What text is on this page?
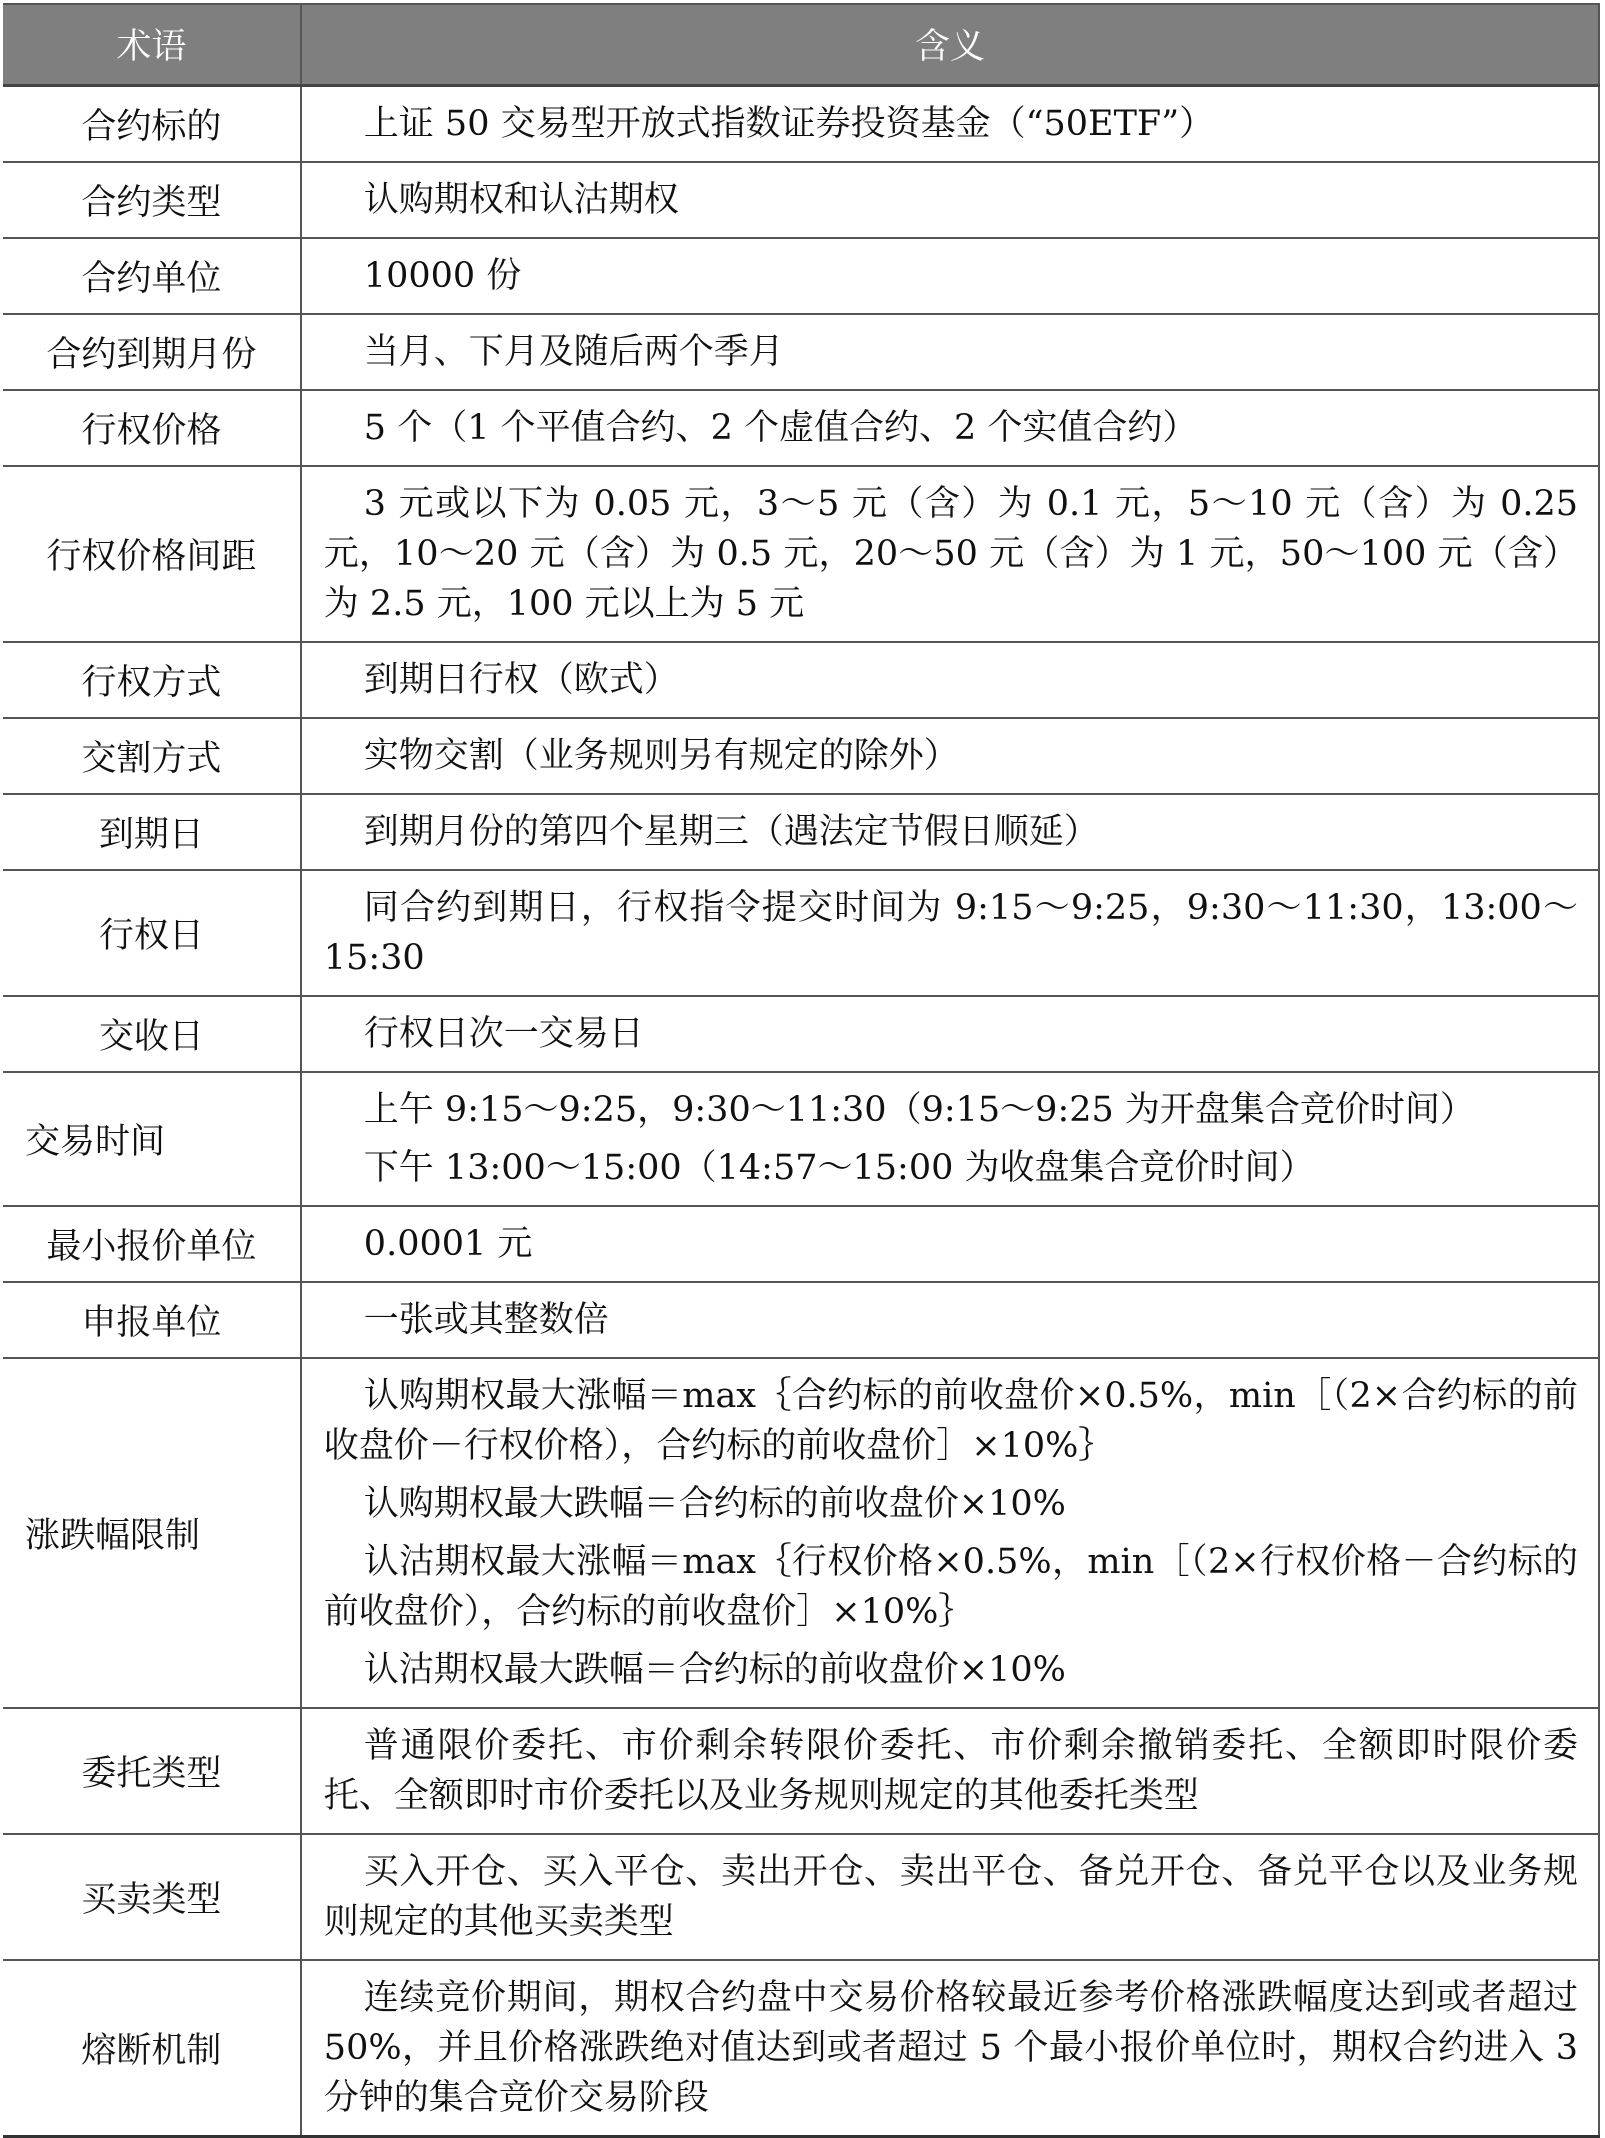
术语	含义
合约标的	上证 50 交易型开放式指数证券投资基金（“50ETF”）

合约类型	认购期权和认沽期权

合约单位	10000 份

合约到期月份	当月、下月及随后两个季月

行权价格	5 个（1 个平值合约、2 个虚值合约、2 个实值合约）

行权价格间距	3 元或以下为 0.05 元，3～5 元（含）为 0.1 元，5～10 元（含）为 0.25 元，10～20 元（含）为 0.5 元，20～50 元（含）为 1 元，50～100 元（含）为 2.5 元，100 元以上为 5 元

行权方式	到期日行权（欧式）

交割方式	实物交割（业务规则另有规定的除外）

到期日	到期月份的第四个星期三（遇法定节假日顺延）

行权日	同合约到期日，行权指令提交时间为 9:15～9:25，9:30～11:30，13:00～15:30

交收日	行权日次一交易日

交易时间	上午 9:15～9:25，9:30～11:30（9:15～9:25 为开盘集合竞价时间）
下午 13:00～15:00（14:57～15:00 为收盘集合竞价时间）

最小报价单位	0.0001 元

申报单位	一张或其整数倍

涨跌幅限制	认购期权最大涨幅＝max｛合约标的前收盘价×0.5%，min［（2×合约标的前收盘价－行权价格），合约标的前收盘价］×10%｝
认购期权最大跌幅＝合约标的前收盘价×10%
认沽期权最大涨幅＝max｛行权价格×0.5%，min［（2×行权价格－合约标的前收盘价），合约标的前收盘价］×10%｝
认沽期权最大跌幅＝合约标的前收盘价×10%

委托类型	普通限价委托、市价剩余转限价委托、市价剩余撤销委托、全额即时限价委托、全额即时市价委托以及业务规则规定的其他委托类型

买卖类型	买入开仓、买入平仓、卖出开仓、卖出平仓、备兑开仓、备兑平仓以及业务规则规定的其他买卖类型

熔断机制	连续竞价期间，期权合约盘中交易价格较最近参考价格涨跌幅度达到或者超过 50%，并且价格涨跌绝对值达到或者超过 5 个最小报价单位时，期权合约进入 3 分钟的集合竞价交易阶段
